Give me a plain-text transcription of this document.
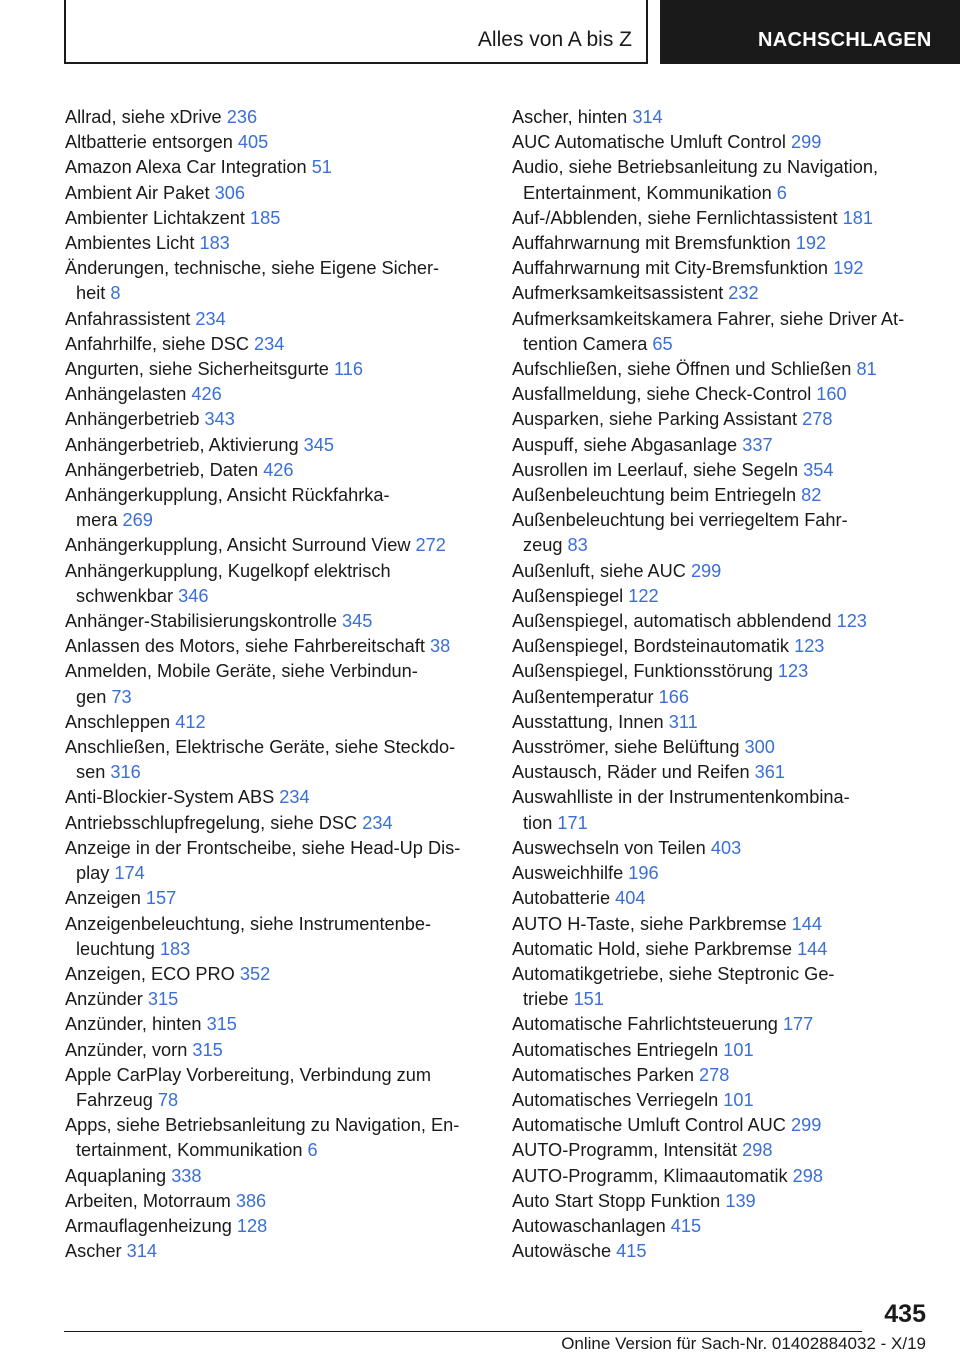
Alles von A bis Z	NACHSCHLAGEN
Allrad, siehe xDrive 236
Altbatterie entsorgen 405
Amazon Alexa Car Integration 51
Ambient Air Paket 306
Ambienter Lichtakzent 185
Ambientes Licht 183
Änderungen, technische, siehe Eigene Sicher-
heit 8
Anfahrassistent 234
Anfahrhilfe, siehe DSC 234
Angurten, siehe Sicherheitsgurte 116
Anhängelasten 426
Anhängerbetrieb 343
Anhängerbetrieb, Aktivierung 345
Anhängerbetrieb, Daten 426
Anhängerkupplung, Ansicht Rückfahrka-
mera 269
Anhängerkupplung, Ansicht Surround View 272
Anhängerkupplung, Kugelkopf elektrisch
schwenkbar 346
Anhänger-Stabilisierungskontrolle 345
Anlassen des Motors, siehe Fahrbereitschaft 38
Anmelden, Mobile Geräte, siehe Verbindun-
gen 73
Anschleppen 412
Anschließen, Elektrische Geräte, siehe Steckdo-
sen 316
Anti-Blockier-System ABS 234
Antriebsschlupfregelung, siehe DSC 234
Anzeige in der Frontscheibe, siehe Head-Up Dis-
play 174
Anzeigen 157
Anzeigenbeleuchtung, siehe Instrumentenbe-
leuchtung 183
Anzeigen, ECO PRO 352
Anzünder 315
Anzünder, hinten 315
Anzünder, vorn 315
Apple CarPlay Vorbereitung, Verbindung zum
Fahrzeug 78
Apps, siehe Betriebsanleitung zu Navigation, En-
tertainment, Kommunikation 6
Aquaplaning 338
Arbeiten, Motorraum 386
Armauflagenheizung 128
Ascher 314
Ascher, hinten 314
AUC Automatische Umluft Control 299
Audio, siehe Betriebsanleitung zu Navigation,
Entertainment, Kommunikation 6
Auf-/Abblenden, siehe Fernlichtassistent 181
Auffahrwarnung mit Bremsfunktion 192
Auffahrwarnung mit City-Bremsfunktion 192
Aufmerksamkeitsassistent 232
Aufmerksamkeitskamera Fahrer, siehe Driver At-
tention Camera 65
Aufschließen, siehe Öffnen und Schließen 81
Ausfallmeldung, siehe Check-Control 160
Ausparken, siehe Parking Assistant 278
Auspuff, siehe Abgasanlage 337
Ausrollen im Leerlauf, siehe Segeln 354
Außenbeleuchtung beim Entriegeln 82
Außenbeleuchtung bei verriegeltem Fahr-
zeug 83
Außenluft, siehe AUC 299
Außenspiegel 122
Außenspiegel, automatisch abblendend 123
Außenspiegel, Bordsteinautomatik 123
Außenspiegel, Funktionsstörung 123
Außentemperatur 166
Ausstattung, Innen 311
Ausströmer, siehe Belüftung 300
Austausch, Räder und Reifen 361
Auswahlliste in der Instrumentenkombina-
tion 171
Auswechseln von Teilen 403
Ausweichhilfe 196
Autobatterie 404
AUTO H-Taste, siehe Parkbremse 144
Automatic Hold, siehe Parkbremse 144
Automatikgetriebe, siehe Steptronic Ge-
triebe 151
Automatische Fahrlichtsteuerung 177
Automatisches Entriegeln 101
Automatisches Parken 278
Automatisches Verriegeln 101
Automatische Umluft Control AUC 299
AUTO-Programm, Intensität 298
AUTO-Programm, Klimaautomatik 298
Auto Start Stopp Funktion 139
Autowaschanlagen 415
Autowäsche 415
435
Online Version für Sach-Nr. 01402884032 - X/19
